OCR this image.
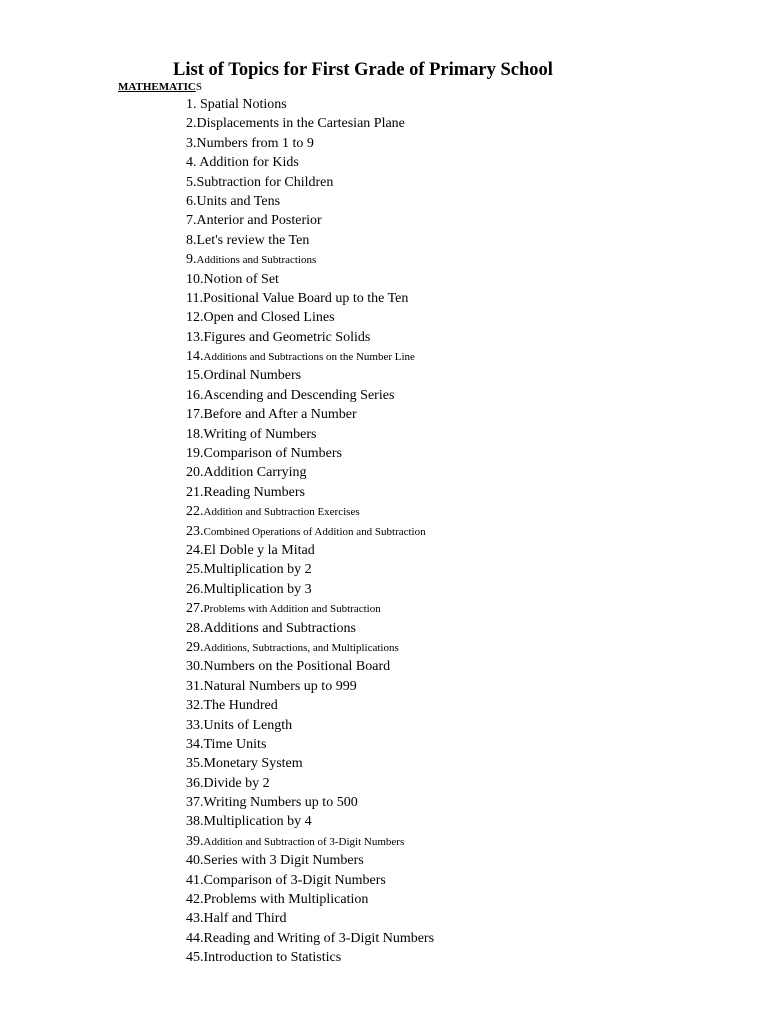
List of Topics for First Grade of Primary School
MATHEMATICS
1. Spatial Notions
2.Displacements in the Cartesian Plane
3.Numbers from 1 to 9
4. Addition for Kids
5.Subtraction for Children
6.Units and Tens
7.Anterior and Posterior
8.Let's review the Ten
9.Additions and Subtractions
10.Notion of Set
11.Positional Value Board up to the Ten
12.Open and Closed Lines
13.Figures and Geometric Solids
14.Additions and Subtractions on the Number Line
15.Ordinal Numbers
16.Ascending and Descending Series
17.Before and After a Number
18.Writing of Numbers
19.Comparison of Numbers
20.Addition Carrying
21.Reading Numbers
22.Addition and Subtraction Exercises
23.Combined Operations of Addition and Subtraction
24.El Doble y la Mitad
25.Multiplication by 2
26.Multiplication by 3
27.Problems with Addition and Subtraction
28.Additions and Subtractions
29.Additions, Subtractions, and Multiplications
30.Numbers on the Positional Board
31.Natural Numbers up to 999
32.The Hundred
33.Units of Length
34.Time Units
35.Monetary System
36.Divide by 2
37.Writing Numbers up to 500
38.Multiplication by 4
39.Addition and Subtraction of 3-Digit Numbers
40.Series with 3 Digit Numbers
41.Comparison of 3-Digit Numbers
42.Problems with Multiplication
43.Half and Third
44.Reading and Writing of 3-Digit Numbers
45.Introduction to Statistics
